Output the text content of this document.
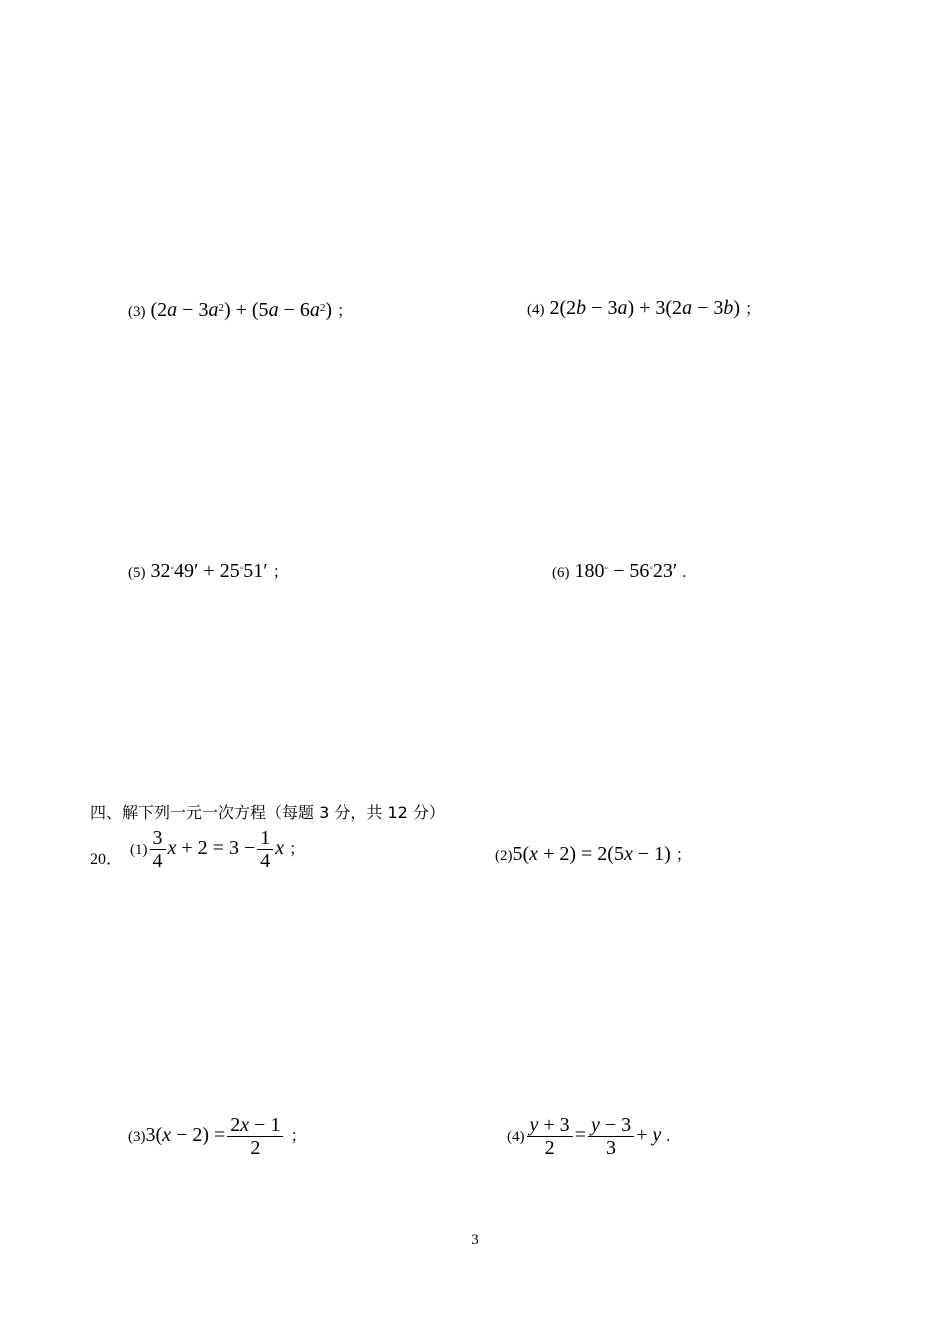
(3) $(2a - 3a^2) + (5a - 6a^2)$ ；	(4) 2(2b − 3a) + 3(2a − 3b) ；
(5) 32◦49′ + 25◦51′ ；	(6) 180◦ − 56◦23′ .
四、解下列一元一次方程（每题 3 分，共 12 分）
20．
$(1) \frac{3}{4}$ $x + 2 = 3 - \frac{1}{4}$ x ；	(2)5(x + 2) = 2(5x − 1) ；
$(3)3(x - 2) = \frac{2x - 1}{2}$ ；	$(4) \frac{y + 3}{2} = \frac{y - 3}{3} + y$ .
3
